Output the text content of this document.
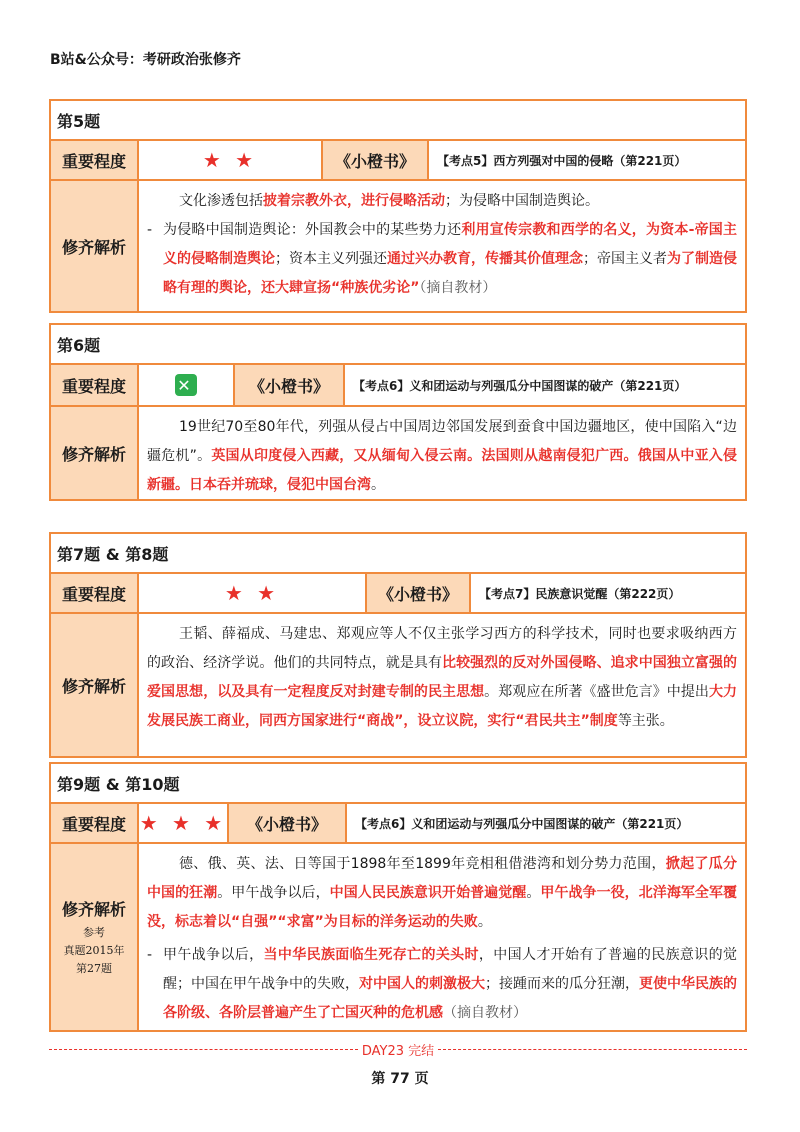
B站&公众号：考研政治张修齐
第5题
重要程度	★ ★	《小橙书》	【考点5】西方列强对中国的侵略（第221页）
修齐解析
文化渗透包括披着宗教外衣，进行侵略活动；为侵略中国制造舆论。
- 为侵略中国制造舆论：外国教会中的某些势力还利用宣传宗教和西学的名义，为资本-帝国主义的侵略制造舆论；资本主义列强还通过兴办教育，传播其价值理念；帝国主义者为了制造侵略有理的舆论，还大肆宣扬“种族优劣论”（摘自教材）
第6题
重要程度	✕	《小橙书》	【考点6】义和团运动与列强瓜分中国图谋的破产（第221页）
修齐解析
19世纪70至80年代，列强从侵占中国周边邻国发展到蚕食中国边疆地区，使中国陷入“边疆危机”。英国从印度侵入西藏，又从缅甸入侵云南。法国则从越南侵犯广西。俄国从中亚入侵新疆。日本吞并琉球，侵犯中国台湾。
第7题 & 第8题
重要程度	★ ★	《小橙书》	【考点7】民族意识觉醒（第222页）
修齐解析
王韬、薛福成、马建忠、郑观应等人不仅主张学习西方的科学技术，同时也要求吸纳西方的政治、经济学说。他们的共同特点，就是具有比较强烈的反对外国侵略、追求中国独立富强的爱国思想，以及具有一定程度反对封建专制的民主思想。郑观应在所著《盛世危言》中提出大力发展民族工商业，同西方国家进行“商战”，设立议院，实行“君民共主”制度等主张。
第9题 & 第10题
重要程度 ★ ★ ★	《小橙书》	【考点6】义和团运动与列强瓜分中国图谋的破产（第221页）
修齐解析
参考
真题2015年
第27题
德、俄、英、法、日等国于1898年至1899年竞相租借港湾和划分势力范围，掀起了瓜分中国的狂潮。甲午战争以后，中国人民民族意识开始普遍觉醒。甲午战争一役，北洋海军全军覆没，标志着以“自强”“求富”为目标的洋务运动的失败。
- 甲午战争以后，当中华民族面临生死存亡的关头时，中国人才开始有了普遍的民族意识的觉醒；中国在甲午战争中的失败，对中国人的刺激极大；接踵而来的瓜分狂潮，更使中华民族的各阶级、各阶层普遍产生了亡国灭种的危机感（摘自教材）
DAY23 完结
第 77 页
